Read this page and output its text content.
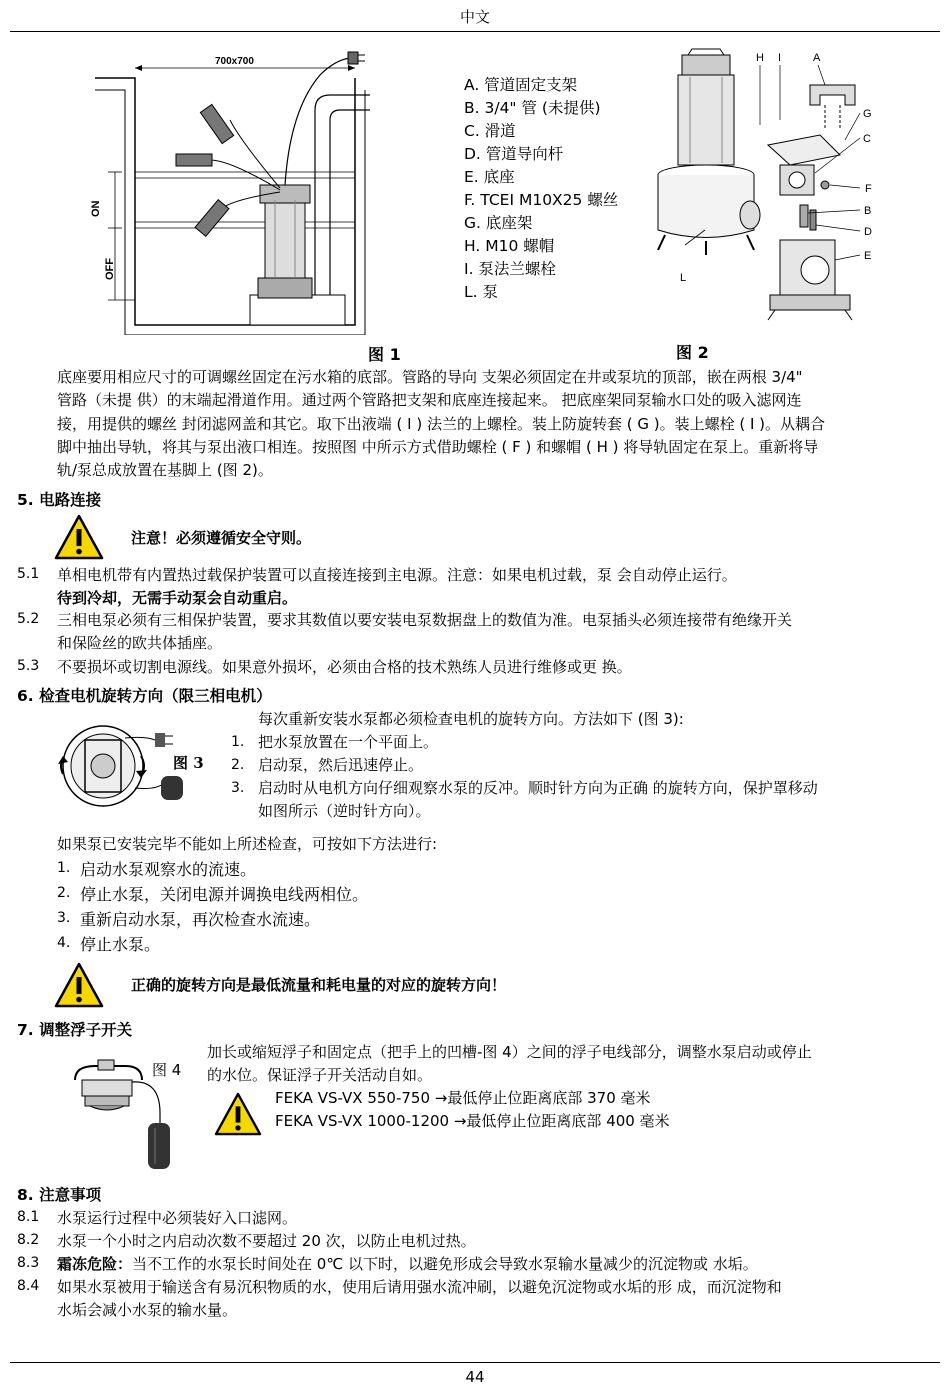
中文
700x700
ON
OFF
图 1
A. 管道固定支架
B. 3/4" 管 (未提供)
C. 滑道
D. 管道导向杆
E. 底座
F. TCEI M10X25 螺丝
G. 底座架
H. M10 螺帽
I. 泵法兰螺栓
L. 泵
H I	A
G
C
F
B
D
E
L
图 2
底座要用相应尺寸的可调螺丝固定在污水箱的底部。管路的导向 支架必须固定在井或泵坑的顶部，嵌在两根 3/4"
管路（未提 供）的末端起滑道作用。通过两个管路把支架和底座连接起来。 把底座架同泵输水口处的吸入滤网连
接，用提供的螺丝 封闭滤网盖和其它。取下出液端 ( I ) 法兰的上螺栓。装上防旋转套 ( G )。装上螺栓 ( I )。从耦合
脚中抽出导轨，将其与泵出液口相连。按照图 中所示方式借助螺栓 ( F ) 和螺帽 ( H ) 将导轨固定在泵上。重新将导
轨/泵总成放置在基脚上 (图 2)。
5. 电路连接
注意！必须遵循安全守则。
5.1 单相电机带有内置热过载保护装置可以直接连接到主电源。注意：如果电机过载，泵 会自动停止运行。
待到冷却，无需手动泵会自动重启。
5.2 三相电泵必须有三相保护装置，要求其数值以要安装电泵数据盘上的数值为准。电泵插头必须连接带有绝缘开关
和保险丝的欧共体插座。
5.3 不要损坏或切割电源线。如果意外损坏，必须由合格的技术熟练人员进行维修或更 换。
6. 检查电机旋转方向（限三相电机）
图 3
每次重新安装水泵都必须检查电机的旋转方向。方法如下 (图 3):
1. 把水泵放置在一个平面上。
2. 启动泵，然后迅速停止。
3. 启动时从电机方向仔细观察水泵的反冲。顺时针方向为正确 的旋转方向，保护罩移动
如图所示（逆时针方向）。
如果泵已安装完毕不能如上所述检查，可按如下方法进行:
1. 启动水泵观察水的流速。
2. 停止水泵，关闭电源并调换电线两相位。
3. 重新启动水泵，再次检查水流速。
4. 停止水泵。
正确的旋转方向是最低流量和耗电量的对应的旋转方向！
7. 调整浮子开关
图 4
加长或缩短浮子和固定点（把手上的凹槽-图 4）之间的浮子电线部分，调整水泵启动或停止
的水位。保证浮子开关活动自如。
FEKA VS-VX 550-750 →最低停止位距离底部 370 毫米
FEKA VS-VX 1000-1200 →最低停止位距离底部 400 毫米
8. 注意事项
8.1 水泵运行过程中必须装好入口滤网。
8.2 水泵一个小时之内启动次数不要超过 20 次，以防止电机过热。
8.3 霜冻危险：当不工作的水泵长时间处在 0℃ 以下时，以避免形成会导致水泵输水量减少的沉淀物或 水垢。
8.4 如果水泵被用于输送含有易沉积物质的水，使用后请用强水流冲刷，以避免沉淀物或水垢的形 成，而沉淀物和
水垢会减小水泵的输水量。
44
